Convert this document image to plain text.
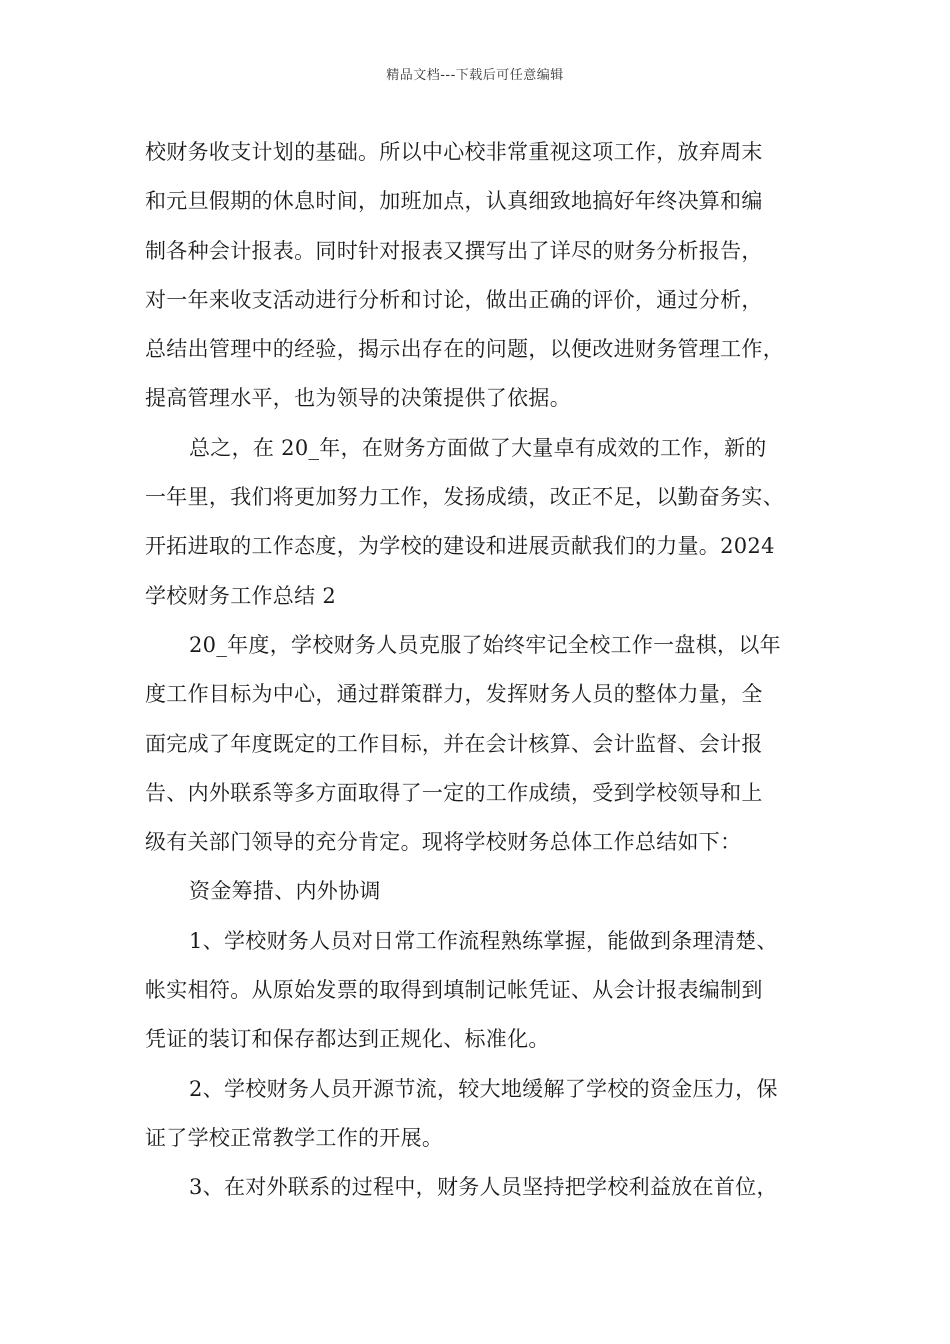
精品文档---下载后可任意编辑
校财务收支计划的基础。所以中心校非常重视这项工作，放弃周末
和元旦假期的休息时间，加班加点，认真细致地搞好年终决算和编
制各种会计报表。同时针对报表又撰写出了详尽的财务分析报告，
对一年来收支活动进行分析和讨论，做出正确的评价，通过分析，
总结出管理中的经验，揭示出存在的问题，以便改进财务管理工作，
提高管理水平，也为领导的决策提供了依据。
总之，在 20_年，在财务方面做了大量卓有成效的工作，新的
一年里，我们将更加努力工作，发扬成绩，改正不足，以勤奋务实、
开拓进取的工作态度，为学校的建设和进展贡献我们的力量。2024
学校财务工作总结 2
20_年度，学校财务人员克服了始终牢记全校工作一盘棋，以年
度工作目标为中心，通过群策群力，发挥财务人员的整体力量，全
面完成了年度既定的工作目标，并在会计核算、会计监督、会计报
告、内外联系等多方面取得了一定的工作成绩，受到学校领导和上
级有关部门领导的充分肯定。现将学校财务总体工作总结如下：
资金筹措、内外协调
1、学校财务人员对日常工作流程熟练掌握，能做到条理清楚、
帐实相符。从原始发票的取得到填制记帐凭证、从会计报表编制到
凭证的装订和保存都达到正规化、标准化。
2、学校财务人员开源节流，较大地缓解了学校的资金压力，保
证了学校正常教学工作的开展。
3、在对外联系的过程中，财务人员坚持把学校利益放在首位，
